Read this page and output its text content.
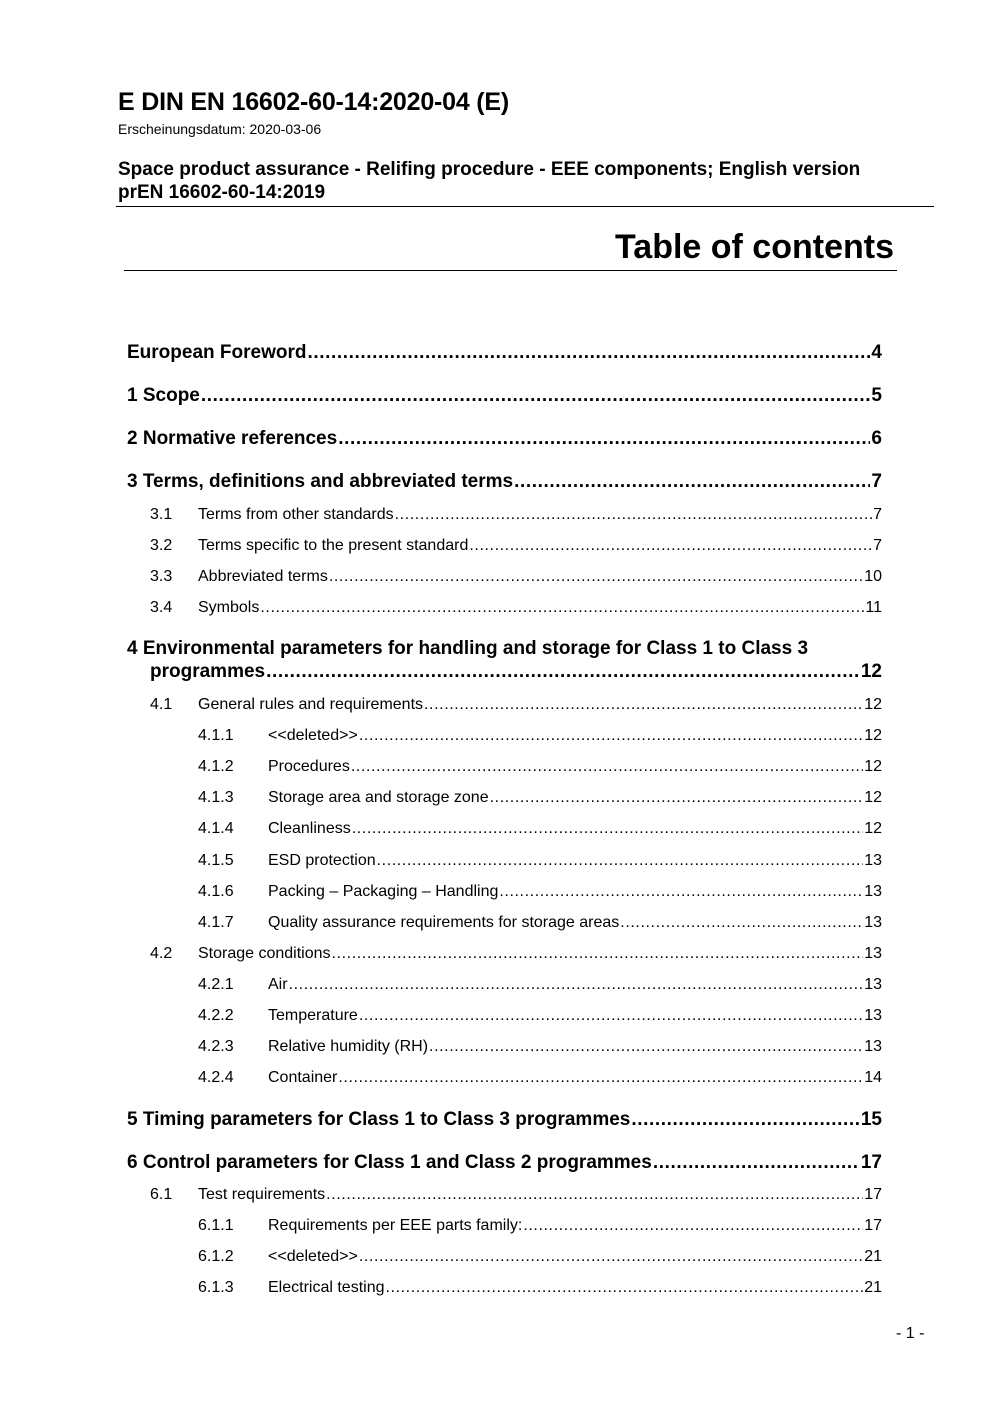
E DIN EN 16602-60-14:2020-04 (E)
Erscheinungsdatum: 2020-03-06
Space product assurance - Relifing procedure - EEE components; English version
prEN 16602-60-14:2019
Table of contents
European Foreword .....	4
1 Scope .....	5
2 Normative references .....	6
3 Terms, definitions and abbreviated terms .....	7
3.1	Terms from other standards .....	7
3.2	Terms specific to the present standard .....	7
3.3	Abbreviated terms .....	10
3.4	Symbols .....	11
4 Environmental parameters for handling and storage for Class 1 to Class 3
programmes .....	12
4.1	General rules and requirements .....	12
4.1.1	<<deleted>> .....	12
4.1.2	Procedures .....	12
4.1.3	Storage area and storage zone .....	12
4.1.4	Cleanliness .....	12
4.1.5	ESD protection .....	13
4.1.6	Packing – Packaging – Handling .....	13
4.1.7	Quality assurance requirements for storage areas .....	13
4.2	Storage conditions .....	13
4.2.1	Air .....	13
4.2.2	Temperature .....	13
4.2.3	Relative humidity (RH) .....	13
4.2.4	Container .....	14
5 Timing parameters for Class 1 to Class 3 programmes .....	15
6 Control parameters for Class 1 and Class 2 programmes .....	17
6.1	Test requirements .....	17
6.1.1	Requirements per EEE parts family: .....	17
6.1.2	<<deleted>> .....	21
6.1.3	Electrical testing .....	21
- 1 -
